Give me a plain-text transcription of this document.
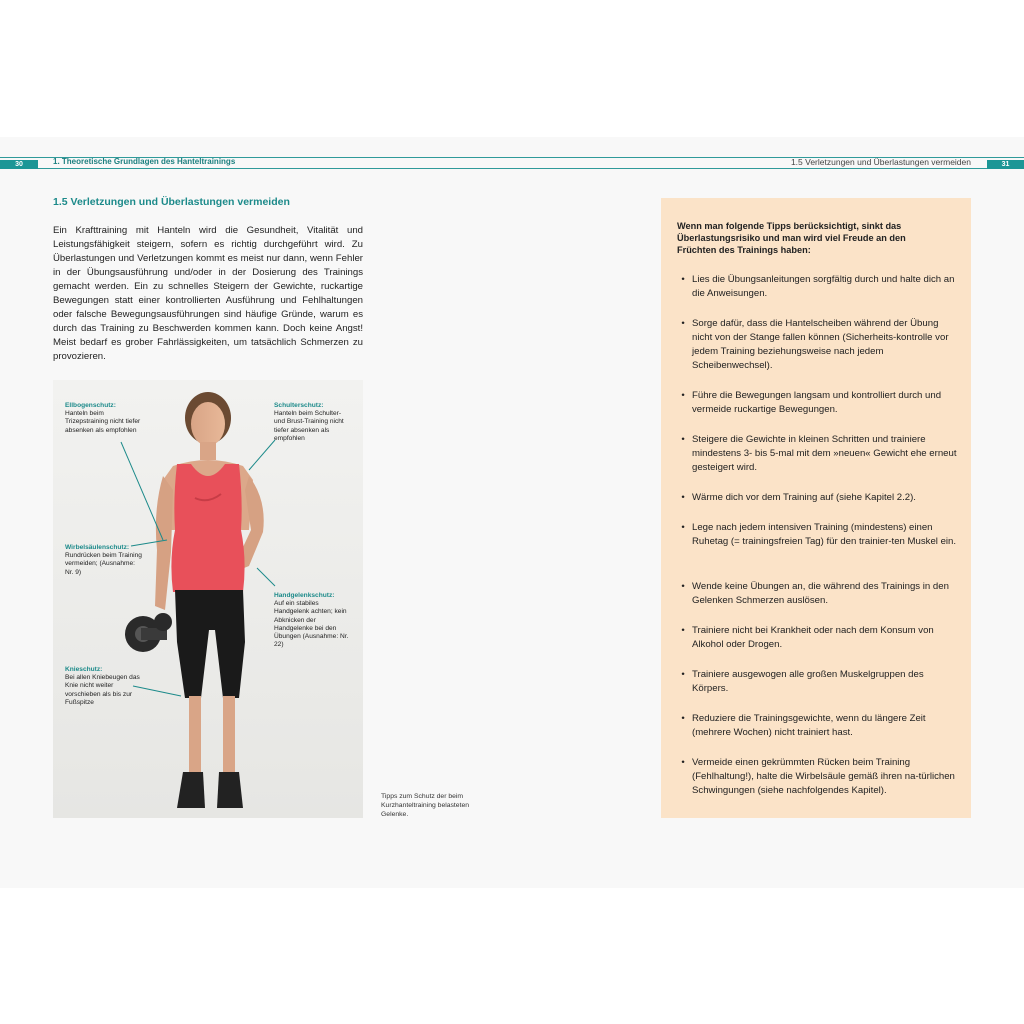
30	1. Theoretische Grundlagen des Hanteltrainings	1.5 Verletzungen und Überlastungen vermeiden	31
1.5 Verletzungen und Überlastungen vermeiden

Ein Krafttraining mit Hanteln wird die Gesundheit, Vitalität und Leistungsfähigkeit steigern, sofern es richtig durchgeführt wird. Zu Überlastungen und Verletzungen kommt es meist nur dann, wenn Fehler in der Übungsausführung und/oder in der Dosierung des Trainings gemacht werden. Ein zu schnelles Steigern der Gewichte, ruckartige Bewegungen statt einer kontrollierten Ausführung und Fehlhaltungen oder falsche Bewegungsausführungen sind häufige Gründe, warum es durch das Training zu Beschwerden kommen kann. Doch keine Angst! Meist bedarf es grober Fahrlässigkeiten, um tatsächlich Schmerzen zu provozieren.

Ellbogenschutz:
Hanteln beim Trizepstraining nicht tiefer absenken als empfohlen
Schulterschutz:
Hanteln beim Schulter- und Brust-Training nicht tiefer absenken als empfohlen
Wirbelsäulenschutz:
Rundrücken beim Training vermeiden; (Ausnahme: Nr. 9)
Handgelenkschutz:
Auf ein stabiles Handgelenk achten; kein Abknicken der Handgelenke bei den Übungen (Ausnahme: Nr. 22)
Knieschutz:
Bei allen Kniebeugen das Knie nicht weiter vorschieben als bis zur Fußspitze
Tipps zum Schutz der beim Kurzhanteltraining belasteten Gelenke.

Wenn man folgende Tipps berücksichtigt, sinkt das Überlastungsrisiko und man wird viel Freude an den Früchten des Trainings haben:

• Lies die Übungsanleitungen sorgfältig durch und halte dich an die Anweisungen.
• Sorge dafür, dass die Hantelscheiben während der Übung nicht von der Stange fallen können (Sicherheits-kontrolle vor jedem Training beziehungsweise nach jedem Scheibenwechsel).
• Führe die Bewegungen langsam und kontrolliert durch und vermeide ruckartige Bewegungen.
• Steigere die Gewichte in kleinen Schritten und trainiere mindestens 3- bis 5-mal mit dem »neuen« Gewicht ehe erneut gesteigert wird.
• Wärme dich vor dem Training auf (siehe Kapitel 2.2).
• Lege nach jedem intensiven Training (mindestens) einen Ruhetag (= trainingsfreien Tag) für den trainier-ten Muskel ein.
• Wende keine Übungen an, die während des Trainings in den Gelenken Schmerzen auslösen.
• Trainiere nicht bei Krankheit oder nach dem Konsum von Alkohol oder Drogen.
• Trainiere ausgewogen alle großen Muskelgruppen des Körpers.
• Reduziere die Trainingsgewichte, wenn du längere Zeit (mehrere Wochen) nicht trainiert hast.
• Vermeide einen gekrümmten Rücken beim Training (Fehlhaltung!), halte die Wirbelsäule gemäß ihren na-türlichen Schwingungen (siehe nachfolgendes Kapitel).
